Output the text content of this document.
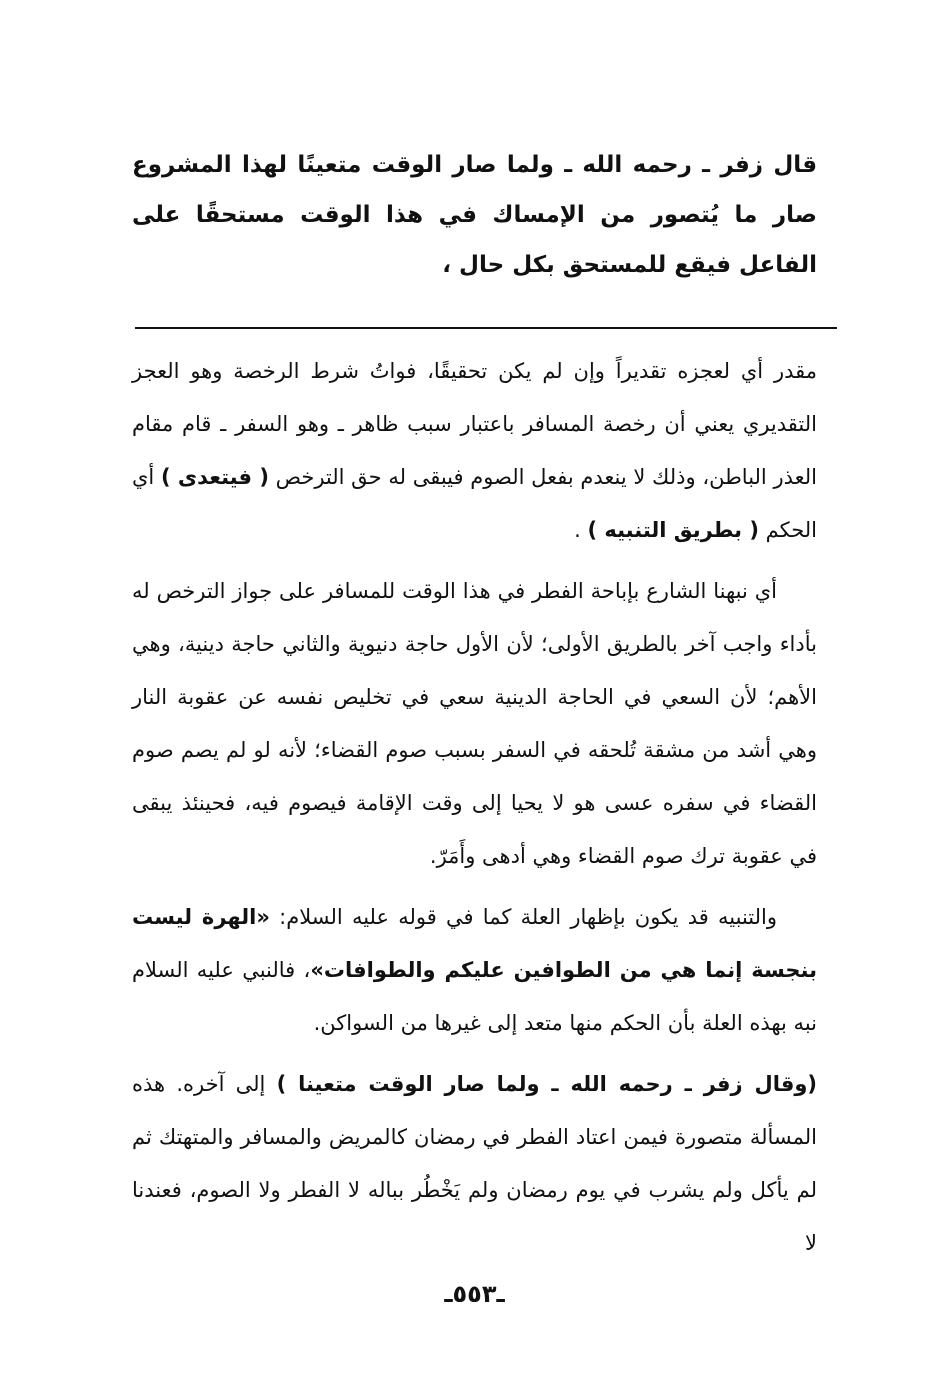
قال زفر ـ رحمه الله ـ ولما صار الوقت متعينًا لهذا المشروع صار ما يُتصور من الإمساك في هذا الوقت مستحقًا على الفاعل فيقع للمستحق بكل حال ،

مقدر أي لعجزه تقديراً وإن لم يكن تحقيقًا، فواتُ شرط الرخصة وهو العجز التقديري يعني أن رخصة المسافر باعتبار سبب ظاهر ـ وهو السفر ـ قام مقام العذر الباطن، وذلك لا ينعدم بفعل الصوم فيبقى له حق الترخص ( فيتعدى ) أي الحكم ( بطريق التنبيه ) .

أي نبهنا الشارع بإباحة الفطر في هذا الوقت للمسافر على جواز الترخص له بأداء واجب آخر بالطريق الأولى؛ لأن الأول حاجة دنيوية والثاني حاجة دينية، وهي الأهم؛ لأن السعي في الحاجة الدينية سعي في تخليص نفسه عن عقوبة النار وهي أشد من مشقة تُلحقه في السفر بسبب صوم القضاء؛ لأنه لو لم يصم صوم القضاء في سفره عسى هو لا يحيا إلى وقت الإقامة فيصوم فيه، فحينئذ يبقى في عقوبة ترك صوم القضاء وهي أدهى وأَمَرّ.

والتنبيه قد يكون بإظهار العلة كما في قوله عليه السلام: «الهرة ليست بنجسة إنما هي من الطوافين عليكم والطوافات»، فالنبي عليه السلام نبه بهذه العلة بأن الحكم منها متعد إلى غيرها من السواكن.

(وقال زفر ـ رحمه الله ـ ولما صار الوقت متعينا ) إلى آخره. هذه المسألة متصورة فيمن اعتاد الفطر في رمضان كالمريض والمسافر والمتهتك ثم لم يأكل ولم يشرب في يوم رمضان ولم يَخْطُر بباله لا الفطر ولا الصوم، فعندنا لا

ـ٥٥٣ـ
